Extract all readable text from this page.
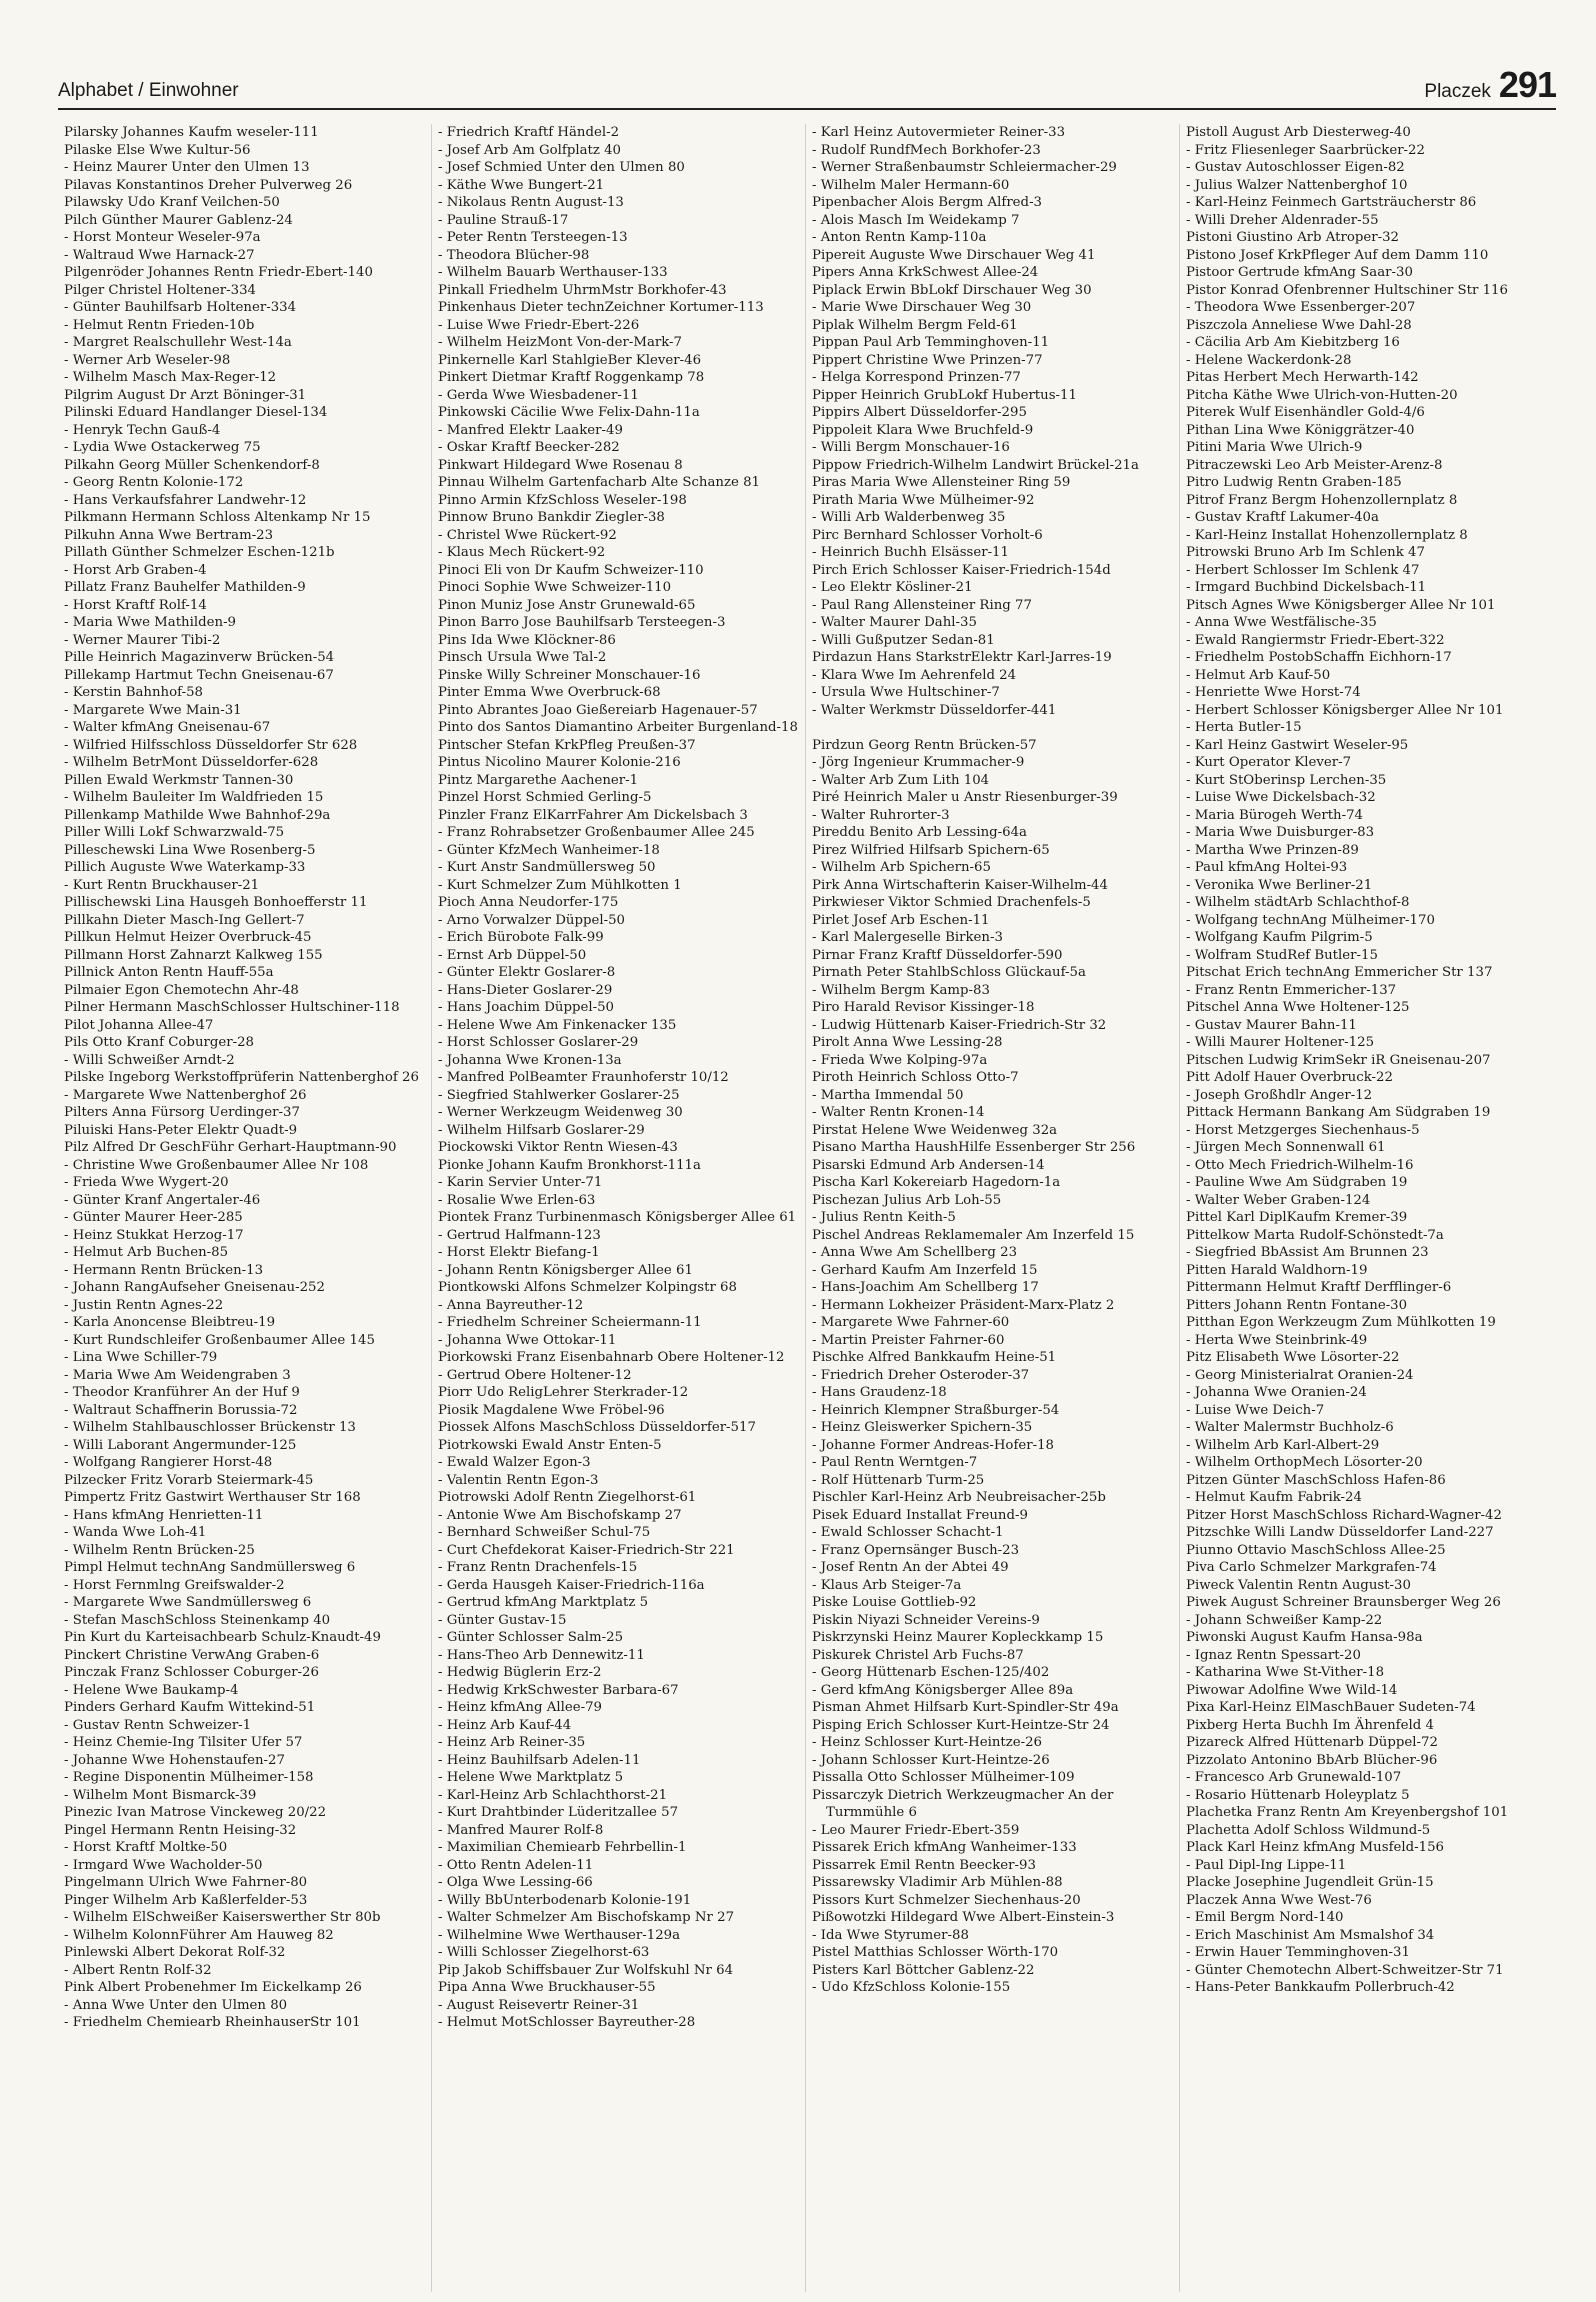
Alphabet / Einwohner	Placzek 291

Pilarsky Johannes Kaufm weseler-111

Pilaske Else Wwe Kultur-56

- Heinz Maurer Unter den Ulmen 13

Pilavas Konstantinos Dreher Pulverweg 26

Pilawsky Udo Kranf Veilchen-50

Pilch Günther Maurer Gablenz-24

- Horst Monteur Weseler-97a

- Waltraud Wwe Harnack-27

Pilgenröder Johannes Rentn Friedr-Ebert-140

Pilger Christel Holtener-334

- Günter Bauhilfsarb Holtener-334

- Helmut Rentn Frieden-10b

- Margret Realschullehr West-14a

- Werner Arb Weseler-98

- Wilhelm Masch Max-Reger-12

Pilgrim August Dr Arzt Böninger-31

Pilinski Eduard Handlanger Diesel-134

- Henryk Techn Gauß-4

- Lydia Wwe Ostackerweg 75

Pilkahn Georg Müller Schenkendorf-8

- Georg Rentn Kolonie-172

- Hans Verkaufsfahrer Landwehr-12

Pilkmann Hermann Schloss Altenkamp Nr 15

Pilkuhn Anna Wwe Bertram-23

Pillath Günther Schmelzer Eschen-121b

- Horst Arb Graben-4

Pillatz Franz Bauhelfer Mathilden-9

- Horst Kraftf Rolf-14

- Maria Wwe Mathilden-9

- Werner Maurer Tibi-2

Pille Heinrich Magazinverw Brücken-54

Pillekamp Hartmut Techn Gneisenau-67

- Kerstin Bahnhof-58

- Margarete Wwe Main-31

- Walter kfmAng Gneisenau-67

- Wilfried Hilfsschloss Düsseldorfer Str 628

- Wilhelm BetrMont Düsseldorfer-628

Pillen Ewald Werkmstr Tannen-30

- Wilhelm Bauleiter Im Waldfrieden 15

Pillenkamp Mathilde Wwe Bahnhof-29a

Piller Willi Lokf Schwarzwald-75

Pilleschewski Lina Wwe Rosenberg-5

Pillich Auguste Wwe Waterkamp-33

- Kurt Rentn Bruckhauser-21

Pillischewski Lina Hausgeh Bonhoefferstr 11

Pillkahn Dieter Masch-Ing Gellert-7

Pillkun Helmut Heizer Overbruck-45

Pillmann Horst Zahnarzt Kalkweg 155

Pillnick Anton Rentn Hauff-55a

Pilmaier Egon Chemotechn Ahr-48

Pilner Hermann MaschSchlosser Hultschiner-118

Pilot Johanna Allee-47

Pils Otto Kranf Coburger-28

- Willi Schweißer Arndt-2

Pilske Ingeborg Werkstoffprüferin Nattenberghof 26

- Margarete Wwe Nattenberghof 26

Pilters Anna Fürsorg Uerdinger-37

Piluiski Hans-Peter Elektr Quadt-9

Pilz Alfred Dr GeschFühr Gerhart-Hauptmann-90

- Christine Wwe Großenbaumer Allee Nr 108

- Frieda Wwe Wygert-20

- Günter Kranf Angertaler-46

- Günter Maurer Heer-285

- Heinz Stukkat Herzog-17

- Helmut Arb Buchen-85

- Hermann Rentn Brücken-13

- Johann RangAufseher Gneisenau-252

- Justin Rentn Agnes-22

- Karla Anoncense Bleibtreu-19

- Kurt Rundschleifer Großenbaumer Allee 145

- Lina Wwe Schiller-79

- Maria Wwe Am Weidengraben 3

- Theodor Kranführer An der Huf 9

- Waltraut Schaffnerin Borussia-72

- Wilhelm Stahlbauschlosser Brückenstr 13

- Willi Laborant Angermunder-125

- Wolfgang Rangierer Horst-48

Pilzecker Fritz Vorarb Steiermark-45

Pimpertz Fritz Gastwirt Werthauser Str 168

- Hans kfmAng Henrietten-11

- Wanda Wwe Loh-41

- Wilhelm Rentn Brücken-25

Pimpl Helmut technAng Sandmüllersweg 6

- Horst Fernmlng Greifswalder-2

- Margarete Wwe Sandmüllersweg 6

- Stefan MaschSchloss Steinenkamp 40

Pin Kurt du Karteisachbearb Schulz-Knaudt-49

Pinckert Christine VerwAng Graben-6

Pinczak Franz Schlosser Coburger-26

- Helene Wwe Baukamp-4

Pinders Gerhard Kaufm Wittekind-51

- Gustav Rentn Schweizer-1

- Heinz Chemie-Ing Tilsiter Ufer 57

- Johanne Wwe Hohenstaufen-27

- Regine Disponentin Mülheimer-158

- Wilhelm Mont Bismarck-39

Pinezic Ivan Matrose Vinckeweg 20/22

Pingel Hermann Rentn Heising-32

- Horst Kraftf Moltke-50

- Irmgard Wwe Wacholder-50

Pingelmann Ulrich Wwe Fahrner-80

Pinger Wilhelm Arb Kaßlerfelder-53

- Wilhelm ElSchweißer Kaiserswerther Str 80b

- Wilhelm KolonnFührer Am Hauweg 82

Pinlewski Albert Dekorat Rolf-32

- Albert Rentn Rolf-32

Pink Albert Probenehmer Im Eickelkamp 26

- Anna Wwe Unter den Ulmen 80

- Friedhelm Chemiearb RheinhauserStr 101

- Friedrich Kraftf Händel-2

- Josef Arb Am Golfplatz 40

- Josef Schmied Unter den Ulmen 80

- Käthe Wwe Bungert-21

- Nikolaus Rentn August-13

- Pauline Strauß-17

- Peter Rentn Tersteegen-13

- Theodora Blücher-98

- Wilhelm Bauarb Werthauser-133

Pinkall Friedhelm UhrmMstr Borkhofer-43

Pinkenhaus Dieter technZeichner Kortumer-113

- Luise Wwe Friedr-Ebert-226

- Wilhelm HeizMont Von-der-Mark-7

Pinkernelle Karl StahlgieBer Klever-46

Pinkert Dietmar Kraftf Roggenkamp 78

- Gerda Wwe Wiesbadener-11

Pinkowski Cäcilie Wwe Felix-Dahn-11a

- Manfred Elektr Laaker-49

- Oskar Kraftf Beecker-282

Pinkwart Hildegard Wwe Rosenau 8

Pinnau Wilhelm Gartenfacharb Alte Schanze 81

Pinno Armin KfzSchloss Weseler-198

Pinnow Bruno Bankdir Ziegler-38

- Christel Wwe Rückert-92

- Klaus Mech Rückert-92

Pinoci Eli von Dr Kaufm Schweizer-110

Pinoci Sophie Wwe Schweizer-110

Pinon Muniz Jose Anstr Grunewald-65

Pinon Barro Jose Bauhilfsarb Tersteegen-3

Pins Ida Wwe Klöckner-86

Pinsch Ursula Wwe Tal-2

Pinske Willy Schreiner Monschauer-16

Pinter Emma Wwe Overbruck-68

Pinto Abrantes Joao Gießereiarb Hagenauer-57

Pinto dos Santos Diamantino Arbeiter Burgenland-18

Pintscher Stefan KrkPfleg Preußen-37

Pintus Nicolino Maurer Kolonie-216

Pintz Margarethe Aachener-1

Pinzel Horst Schmied Gerling-5

Pinzler Franz ElKarrFahrer Am Dickelsbach 3

- Franz Rohrabsetzer Großenbaumer Allee 245

- Günter KfzMech Wanheimer-18

- Kurt Anstr Sandmüllersweg 50

- Kurt Schmelzer Zum Mühlkotten 1

Pioch Anna Neudorfer-175

- Arno Vorwalzer Düppel-50

- Erich Bürobote Falk-99

- Ernst Arb Düppel-50

- Günter Elektr Goslarer-8

- Hans-Dieter Goslarer-29

- Hans Joachim Düppel-50

- Helene Wwe Am Finkenacker 135

- Horst Schlosser Goslarer-29

- Johanna Wwe Kronen-13a

- Manfred PolBeamter Fraunhoferstr 10/12

- Siegfried Stahlwerker Goslarer-25

- Werner Werkzeugm Weidenweg 30

- Wilhelm Hilfsarb Goslarer-29

Piockowski Viktor Rentn Wiesen-43

Pionke Johann Kaufm Bronkhorst-111a

- Karin Servier Unter-71

- Rosalie Wwe Erlen-63

Piontek Franz Turbinenmasch Königsberger Allee 61

- Gertrud Halfmann-123

- Horst Elektr Biefang-1

- Johann Rentn Königsberger Allee 61

Piontkowski Alfons Schmelzer Kolpingstr 68

- Anna Bayreuther-12

- Friedhelm Schreiner Scheiermann-11

- Johanna Wwe Ottokar-11

Piorkowski Franz Eisenbahnarb Obere Holtener-12

- Gertrud Obere Holtener-12

Piorr Udo ReligLehrer Sterkrader-12

Piosik Magdalene Wwe Fröbel-96

Piossek Alfons MaschSchloss Düsseldorfer-517

Piotrkowski Ewald Anstr Enten-5

- Ewald Walzer Egon-3

- Valentin Rentn Egon-3

Piotrowski Adolf Rentn Ziegelhorst-61

- Antonie Wwe Am Bischofskamp 27

- Bernhard Schweißer Schul-75

- Curt Chefdekorat Kaiser-Friedrich-Str 221

- Franz Rentn Drachenfels-15

- Gerda Hausgeh Kaiser-Friedrich-116a

- Gertrud kfmAng Marktplatz 5

- Günter Gustav-15

- Günter Schlosser Salm-25

- Hans-Theo Arb Dennewitz-11

- Hedwig Büglerin Erz-2

- Hedwig KrkSchwester Barbara-67

- Heinz kfmAng Allee-79

- Heinz Arb Kauf-44

- Heinz Arb Reiner-35

- Heinz Bauhilfsarb Adelen-11

- Helene Wwe Marktplatz 5

- Karl-Heinz Arb Schlachthorst-21

- Kurt Drahtbinder Lüderitzallee 57

- Manfred Maurer Rolf-8

- Maximilian Chemiearb Fehrbellin-1

- Otto Rentn Adelen-11

- Olga Wwe Lessing-66

- Willy BbUnterbodenarb Kolonie-191

- Walter Schmelzer Am Bischofskamp Nr 27

- Wilhelmine Wwe Werthauser-129a

- Willi Schlosser Ziegelhorst-63

Pip Jakob Schiffsbauer Zur Wolfskuhl Nr 64

Pipa Anna Wwe Bruckhauser-55

- August Reisevertr Reiner-31

- Helmut MotSchlosser Bayreuther-28

- Karl Heinz Autovermieter Reiner-33

- Rudolf RundfMech Borkhofer-23

- Werner Straßenbaumstr Schleiermacher-29

- Wilhelm Maler Hermann-60

Pipenbacher Alois Bergm Alfred-3

- Alois Masch Im Weidekamp 7

- Anton Rentn Kamp-110a

Pipereit Auguste Wwe Dirschauer Weg 41

Pipers Anna KrkSchwest Allee-24

Piplack Erwin BbLokf Dirschauer Weg 30

- Marie Wwe Dirschauer Weg 30

Piplak Wilhelm Bergm Feld-61

Pippan Paul Arb Temminghoven-11

Pippert Christine Wwe Prinzen-77

- Helga Korrespond Prinzen-77

Pipper Heinrich GrubLokf Hubertus-11

Pippirs Albert Düsseldorfer-295

Pippoleit Klara Wwe Bruchfeld-9

- Willi Bergm Monschauer-16

Pippow Friedrich-Wilhelm Landwirt Brückel-21a

Piras Maria Wwe Allensteiner Ring 59

Pirath Maria Wwe Mülheimer-92

- Willi Arb Walderbenweg 35

Pirc Bernhard Schlosser Vorholt-6

- Heinrich Buchh Elsässer-11

Pirch Erich Schlosser Kaiser-Friedrich-154d

- Leo Elektr Kösliner-21

- Paul Rang Allensteiner Ring 77

- Walter Maurer Dahl-35

- Willi Gußputzer Sedan-81

Pirdazun Hans StarkstrElektr Karl-Jarres-19

- Klara Wwe Im Aehrenfeld 24

- Ursula Wwe Hultschiner-7

- Walter Werkmstr Düsseldorfer-441

Pirdzun Georg Rentn Brücken-57

- Jörg Ingenieur Krummacher-9

- Walter Arb Zum Lith 104

Piré Heinrich Maler u Anstr Riesenburger-39

- Walter Ruhrorter-3

Pireddu Benito Arb Lessing-64a

Pirez Wilfried Hilfsarb Spichern-65

- Wilhelm Arb Spichern-65

Pirk Anna Wirtschafterin Kaiser-Wilhelm-44

Pirkwieser Viktor Schmied Drachenfels-5

Pirlet Josef Arb Eschen-11

- Karl Malergeselle Birken-3

Pirnar Franz Kraftf Düsseldorfer-590

Pirnath Peter StahlbSchloss Glückauf-5a

- Wilhelm Bergm Kamp-83

Piro Harald Revisor Kissinger-18

- Ludwig Hüttenarb Kaiser-Friedrich-Str 32

Pirolt Anna Wwe Lessing-28

- Frieda Wwe Kolping-97a

Piroth Heinrich Schloss Otto-7

- Martha Immendal 50

- Walter Rentn Kronen-14

Pirstat Helene Wwe Weidenweg 32a

Pisano Martha HaushHilfe Essenberger Str 256

Pisarski Edmund Arb Andersen-14

Pischa Karl Kokereiarb Hagedorn-1a

Pischezan Julius Arb Loh-55

- Julius Rentn Keith-5

Pischel Andreas Reklamemaler Am Inzerfeld 15

- Anna Wwe Am Schellberg 23

- Gerhard Kaufm Am Inzerfeld 15

- Hans-Joachim Am Schellberg 17

- Hermann Lokheizer Präsident-Marx-Platz 2

- Margarete Wwe Fahrner-60

- Martin Preister Fahrner-60

Pischke Alfred Bankkaufm Heine-51

- Friedrich Dreher Osteroder-37

- Hans Graudenz-18

- Heinrich Klempner Straßburger-54

- Heinz Gleiswerker Spichern-35

- Johanne Former Andreas-Hofer-18

- Paul Rentn Werntgen-7

- Rolf Hüttenarb Turm-25

Pischler Karl-Heinz Arb Neubreisacher-25b

Pisek Eduard Installat Freund-9

- Ewald Schlosser Schacht-1

- Franz Opernsänger Busch-23

- Josef Rentn An der Abtei 49

- Klaus Arb Steiger-7a

Piske Louise Gottlieb-92

Piskin Niyazi Schneider Vereins-9

Piskrzynski Heinz Maurer Kopleckkamp 15

Piskurek Christel Arb Fuchs-87

- Georg Hüttenarb Eschen-125/402

- Gerd kfmAng Königsberger Allee 89a

Pisman Ahmet Hilfsarb Kurt-Spindler-Str 49a

Pisping Erich Schlosser Kurt-Heintze-Str 24

- Heinz Schlosser Kurt-Heintze-26

- Johann Schlosser Kurt-Heintze-26

Pissalla Otto Schlosser Mülheimer-109

Pissarczyk Dietrich Werkzeugmacher An der Turmmühle 6

- Leo Maurer Friedr-Ebert-359

Pissarek Erich kfmAng Wanheimer-133

Pissarrek Emil Rentn Beecker-93

Pissarewsky Vladimir Arb Mühlen-88

Pissors Kurt Schmelzer Siechenhaus-20

Pißowotzki Hildegard Wwe Albert-Einstein-3

- Ida Wwe Styrumer-88

Pistel Matthias Schlosser Wörth-170

Pisters Karl Böttcher Gablenz-22

- Udo KfzSchloss Kolonie-155

Pistoll August Arb Diesterweg-40

- Fritz Fliesenleger Saarbrücker-22

- Gustav Autoschlosser Eigen-82

- Julius Walzer Nattenberghof 10

- Karl-Heinz Feinmech Gartsträucherstr 86

- Willi Dreher Aldenrader-55

Pistoni Giustino Arb Atroper-32

Pistono Josef KrkPfleger Auf dem Damm 110

Pistoor Gertrude kfmAng Saar-30

Pistor Konrad Ofenbrenner Hultschiner Str 116

- Theodora Wwe Essenberger-207

Piszczola Anneliese Wwe Dahl-28

- Cäcilia Arb Am Kiebitzberg 16

- Helene Wackerdonk-28

Pitas Herbert Mech Herwarth-142

Pitcha Käthe Wwe Ulrich-von-Hutten-20

Piterek Wulf Eisenhändler Gold-4/6

Pithan Lina Wwe Königgrätzer-40

Pitini Maria Wwe Ulrich-9

Pitraczewski Leo Arb Meister-Arenz-8

Pitro Ludwig Rentn Graben-185

Pitrof Franz Bergm Hohenzollernplatz 8

- Gustav Kraftf Lakumer-40a

- Karl-Heinz Installat Hohenzollernplatz 8

Pitrowski Bruno Arb Im Schlenk 47

- Herbert Schlosser Im Schlenk 47

- Irmgard Buchbind Dickelsbach-11

Pitsch Agnes Wwe Königsberger Allee Nr 101

- Anna Wwe Westfälische-35

- Ewald Rangiermstr Friedr-Ebert-322

- Friedhelm PostobSchaffn Eichhorn-17

- Helmut Arb Kauf-50

- Henriette Wwe Horst-74

- Herbert Schlosser Königsberger Allee Nr 101

- Herta Butler-15

- Karl Heinz Gastwirt Weseler-95

- Kurt Operator Klever-7

- Kurt StOberinsp Lerchen-35

- Luise Wwe Dickelsbach-32

- Maria Bürogeh Werth-74

- Maria Wwe Duisburger-83

- Martha Wwe Prinzen-89

- Paul kfmAng Holtei-93

- Veronika Wwe Berliner-21

- Wilhelm städtArb Schlachthof-8

- Wolfgang technAng Mülheimer-170

- Wolfgang Kaufm Pilgrim-5

- Wolfram StudRef Butler-15

Pitschat Erich technAng Emmericher Str 137

- Franz Rentn Emmericher-137

Pitschel Anna Wwe Holtener-125

- Gustav Maurer Bahn-11

- Willi Maurer Holtener-125

Pitschen Ludwig KrimSekr iR Gneisenau-207

Pitt Adolf Hauer Overbruck-22

- Joseph Großhdlr Anger-12

Pittack Hermann Bankang Am Südgraben 19

- Horst Metzgerges Siechenhaus-5

- Jürgen Mech Sonnenwall 61

- Otto Mech Friedrich-Wilhelm-16

- Pauline Wwe Am Südgraben 19

- Walter Weber Graben-124

Pittel Karl DiplKaufm Kremer-39

Pittelkow Marta Rudolf-Schönstedt-7a

- Siegfried BbAssist Am Brunnen 23

Pitten Harald Waldhorn-19

Pittermann Helmut Kraftf Derfflinger-6

Pitters Johann Rentn Fontane-30

Pitthan Egon Werkzeugm Zum Mühlkotten 19

- Herta Wwe Steinbrink-49

Pitz Elisabeth Wwe Lösorter-22

- Georg Ministerialrat Oranien-24

- Johanna Wwe Oranien-24

- Luise Wwe Deich-7

- Walter Malermstr Buchholz-6

- Wilhelm Arb Karl-Albert-29

- Wilhelm OrthopMech Lösorter-20

Pitzen Günter MaschSchloss Hafen-86

- Helmut Kaufm Fabrik-24

Pitzer Horst MaschSchloss Richard-Wagner-42

Pitzschke Willi Landw Düsseldorfer Land-227

Piunno Ottavio MaschSchloss Allee-25

Piva Carlo Schmelzer Markgrafen-74

Piweck Valentin Rentn August-30

Piwek August Schreiner Braunsberger Weg 26

- Johann Schweißer Kamp-22

Piwonski August Kaufm Hansa-98a

- Ignaz Rentn Spessart-20

- Katharina Wwe St-Vither-18

Piwowar Adolfine Wwe Wild-14

Pixa Karl-Heinz ElMaschBauer Sudeten-74

Pixberg Herta Buchh Im Ährenfeld 4

Pizareck Alfred Hüttenarb Düppel-72

Pizzolato Antonino BbArb Blücher-96

- Francesco Arb Grunewald-107

- Rosario Hüttenarb Holeyplatz 5

Plachetka Franz Rentn Am Kreyenbergshof 101

Plachetta Adolf Schloss Wildmund-5

Plack Karl Heinz kfmAng Musfeld-156

- Paul Dipl-Ing Lippe-11

Placke Josephine Jugendleit Grün-15

Placzek Anna Wwe West-76

- Emil Bergm Nord-140

- Erich Maschinist Am Msmalshof 34

- Erwin Hauer Temminghoven-31

- Günter Chemotechn Albert-Schweitzer-Str 71

- Hans-Peter Bankkaufm Pollerbruch-42
